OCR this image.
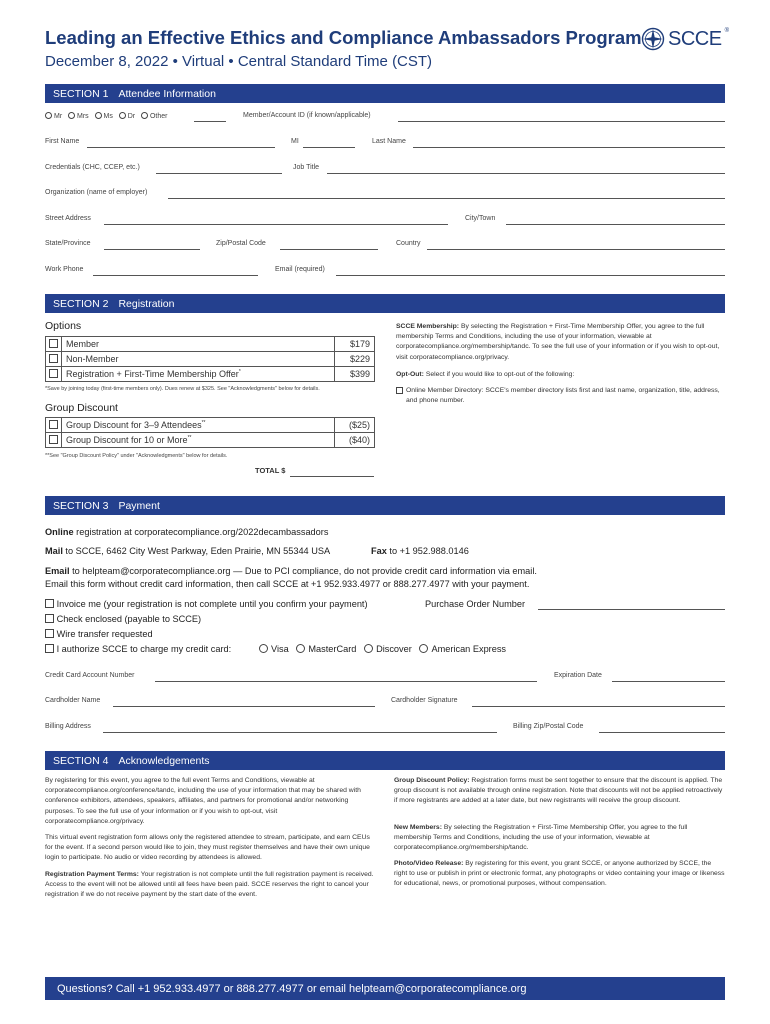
Leading an Effective Ethics and Compliance Ambassadors Program
December 8, 2022 • Virtual • Central Standard Time (CST)
SCCE ®
SECTION 1 Attendee Information
Mr Mrs Ms Dr Other	Member/Account ID (if known/applicable)
First Name	MI	Last Name
Credentials (CHC, CCEP, etc.)	Job Title
Organization (name of employer)
Street Address	City/Town
State/Province	Zip/Postal Code	Country
Work Phone	Email (required)
SECTION 2 Registration
Options
	Member	$179
	Non-Member	$229
	Registration + First-Time Membership Offer*	$399
*Save by joining today (first-time members only). Dues renew at $325. See "Acknowledgments" below for details.
Group Discount
	Group Discount for 3–9 Attendees**	($25)
	Group Discount for 10 or More**	($40)
**See "Group Discount Policy" under "Acknowledgments" below for details.
TOTAL $
SCCE Membership: By selecting the Registration + First-Time Membership Offer, you agree to the full membership Terms and Conditions, including the use of your information, viewable at corporatecompliance.org/membership/tandc. To see the full use of your information or if you wish to opt-out, visit corporatecompliance.org/privacy.
Opt-Out: Select if you would like to opt-out of the following:
Online Member Directory: SCCE's member directory lists first and last name, organization, title, address, and phone number.
SECTION 3 Payment
Online registration at corporatecompliance.org/2022decambassadors
Mail to SCCE, 6462 City West Parkway, Eden Prairie, MN 55344 USA	Fax to +1 952.988.0146
Email to helpteam@corporatecompliance.org — Due to PCI compliance, do not provide credit card information via email.
Email this form without credit card information, then call SCCE at +1 952.933.4977 or 888.277.4977 with your payment.
Invoice me (your registration is not complete until you confirm your payment)	Purchase Order Number
Check enclosed (payable to SCCE)
Wire transfer requested
I authorize SCCE to charge my credit card:	Visa MasterCard Discover American Express
Credit Card Account Number	Expiration Date
Cardholder Name	Cardholder Signature
Billing Address	Billing Zip/Postal Code
SECTION 4 Acknowledgements
By registering for this event, you agree to the full event Terms and Conditions, viewable at corporatecompliance.org/conference/tandc, including the use of your information that may be shared with conference exhibitors, attendees, speakers, affiliates, and partners for promotional and/or networking purposes. To see the full use of your information or if you wish to opt-out, visit corporatecompliance.org/privacy.
This virtual event registration form allows only the registered attendee to stream, participate, and earn CEUs for the event. If a second person would like to join, they must register themselves and have their own unique login to participate. No audio or video recording by attendees is allowed.
Registration Payment Terms: Your registration is not complete until the full registration payment is received. Access to the event will not be allowed until all fees have been paid. SCCE reserves the right to cancel your registration if we do not receive payment by the start date of the event.
Group Discount Policy: Registration forms must be sent together to ensure that the discount is applied. The group discount is not available through online registration. Note that discounts will not be applied retroactively if more registrants are added at a later date, but new registrants will receive the group discount.
New Members: By selecting the Registration + First-Time Membership Offer, you agree to the full membership Terms and Conditions, including the use of your information, viewable at corporatecompliance.org/membership/tandc.
Photo/Video Release: By registering for this event, you grant SCCE, or anyone authorized by SCCE, the right to use or publish in print or electronic format, any photographs or video containing your image or likeness for educational, news, or promotional purposes, without compensation.
Questions? Call +1 952.933.4977 or 888.277.4977 or email helpteam@corporatecompliance.org
